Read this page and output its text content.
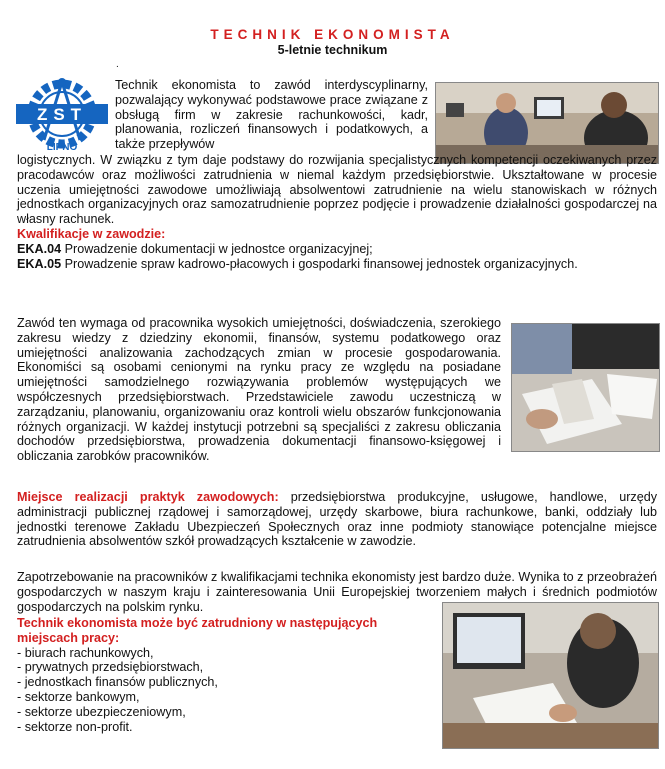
TECHNIK EKONOMISTA
5-letnie technikum
.
ZST
LIPNO
Technik ekonomista to zawód interdyscyplinarny, pozwalający wykonywać podstawowe prace związane z obsługą firm w zakresie rachunkowości, kadr, planowania, rozliczeń finansowych i podatkowych, a także przepływów
logistycznych. W związku z tym daje podstawy do rozwijania specjalistycznych kompetencji oczekiwanych przez pracodawców oraz możliwości zatrudnienia w niemal każdym przedsiębiorstwie. Ukształtowane w procesie uczenia umiejętności zawodowe umożliwiają absolwentowi zatrudnienie na wielu stanowiskach w różnych jednostkach organizacyjnych oraz samozatrudnienie poprzez podjęcie i prowadzenie działalności gospodarczej na własny rachunek.
Kwalifikacje w zawodzie:
EKA.04 Prowadzenie dokumentacji w jednostce organizacyjnej;
EKA.05 Prowadzenie spraw kadrowo-płacowych i gospodarki finansowej jednostek organizacyjnych.
Zawód ten wymaga od pracownika wysokich umiejętności, doświadczenia, szerokiego zakresu wiedzy z dziedziny ekonomii, finansów, systemu podatkowego oraz umiejętności analizowania zachodzących zmian w procesie gospodarowania. Ekonomiści są osobami cenionymi na rynku pracy ze względu na posiadane umiejętności samodzielnego rozwiązywania problemów występujących we współczesnych przedsiębiorstwach. Przedstawiciele zawodu uczestniczą w zarządzaniu, planowaniu, organizowaniu oraz kontroli wielu obszarów funkcjonowania różnych organizacji. W każdej instytucji potrzebni są specjaliści z zakresu obliczania dochodów przedsiębiorstwa, prowadzenia dokumentacji finansowo-księgowej i obliczania zarobków pracowników.
Miejsce realizacji praktyk zawodowych: przedsiębiorstwa produkcyjne, usługowe, handlowe, urzędy administracji publicznej rządowej i samorządowej, urzędy skarbowe, biura rachunkowe, banki, oddziały lub jednostki terenowe Zakładu Ubezpieczeń Społecznych oraz inne podmioty stanowiące potencjalne miejsce zatrudnienia absolwentów szkół prowadzących kształcenie w zawodzie.
Zapotrzebowanie na pracowników z kwalifikacjami technika ekonomisty jest bardzo duże. Wynika to z przeobrażeń gospodarczych w naszym kraju i zainteresowania Unii Europejskiej tworzeniem małych i średnich podmiotów gospodarczych na polskim rynku.
Technik ekonomista może być zatrudniony w następujących miejscach pracy:
- biurach rachunkowych,
- prywatnych przedsiębiorstwach,
- jednostkach finansów publicznych,
- sektorze bankowym,
- sektorze ubezpieczeniowym,
- sektorze non-profit.
